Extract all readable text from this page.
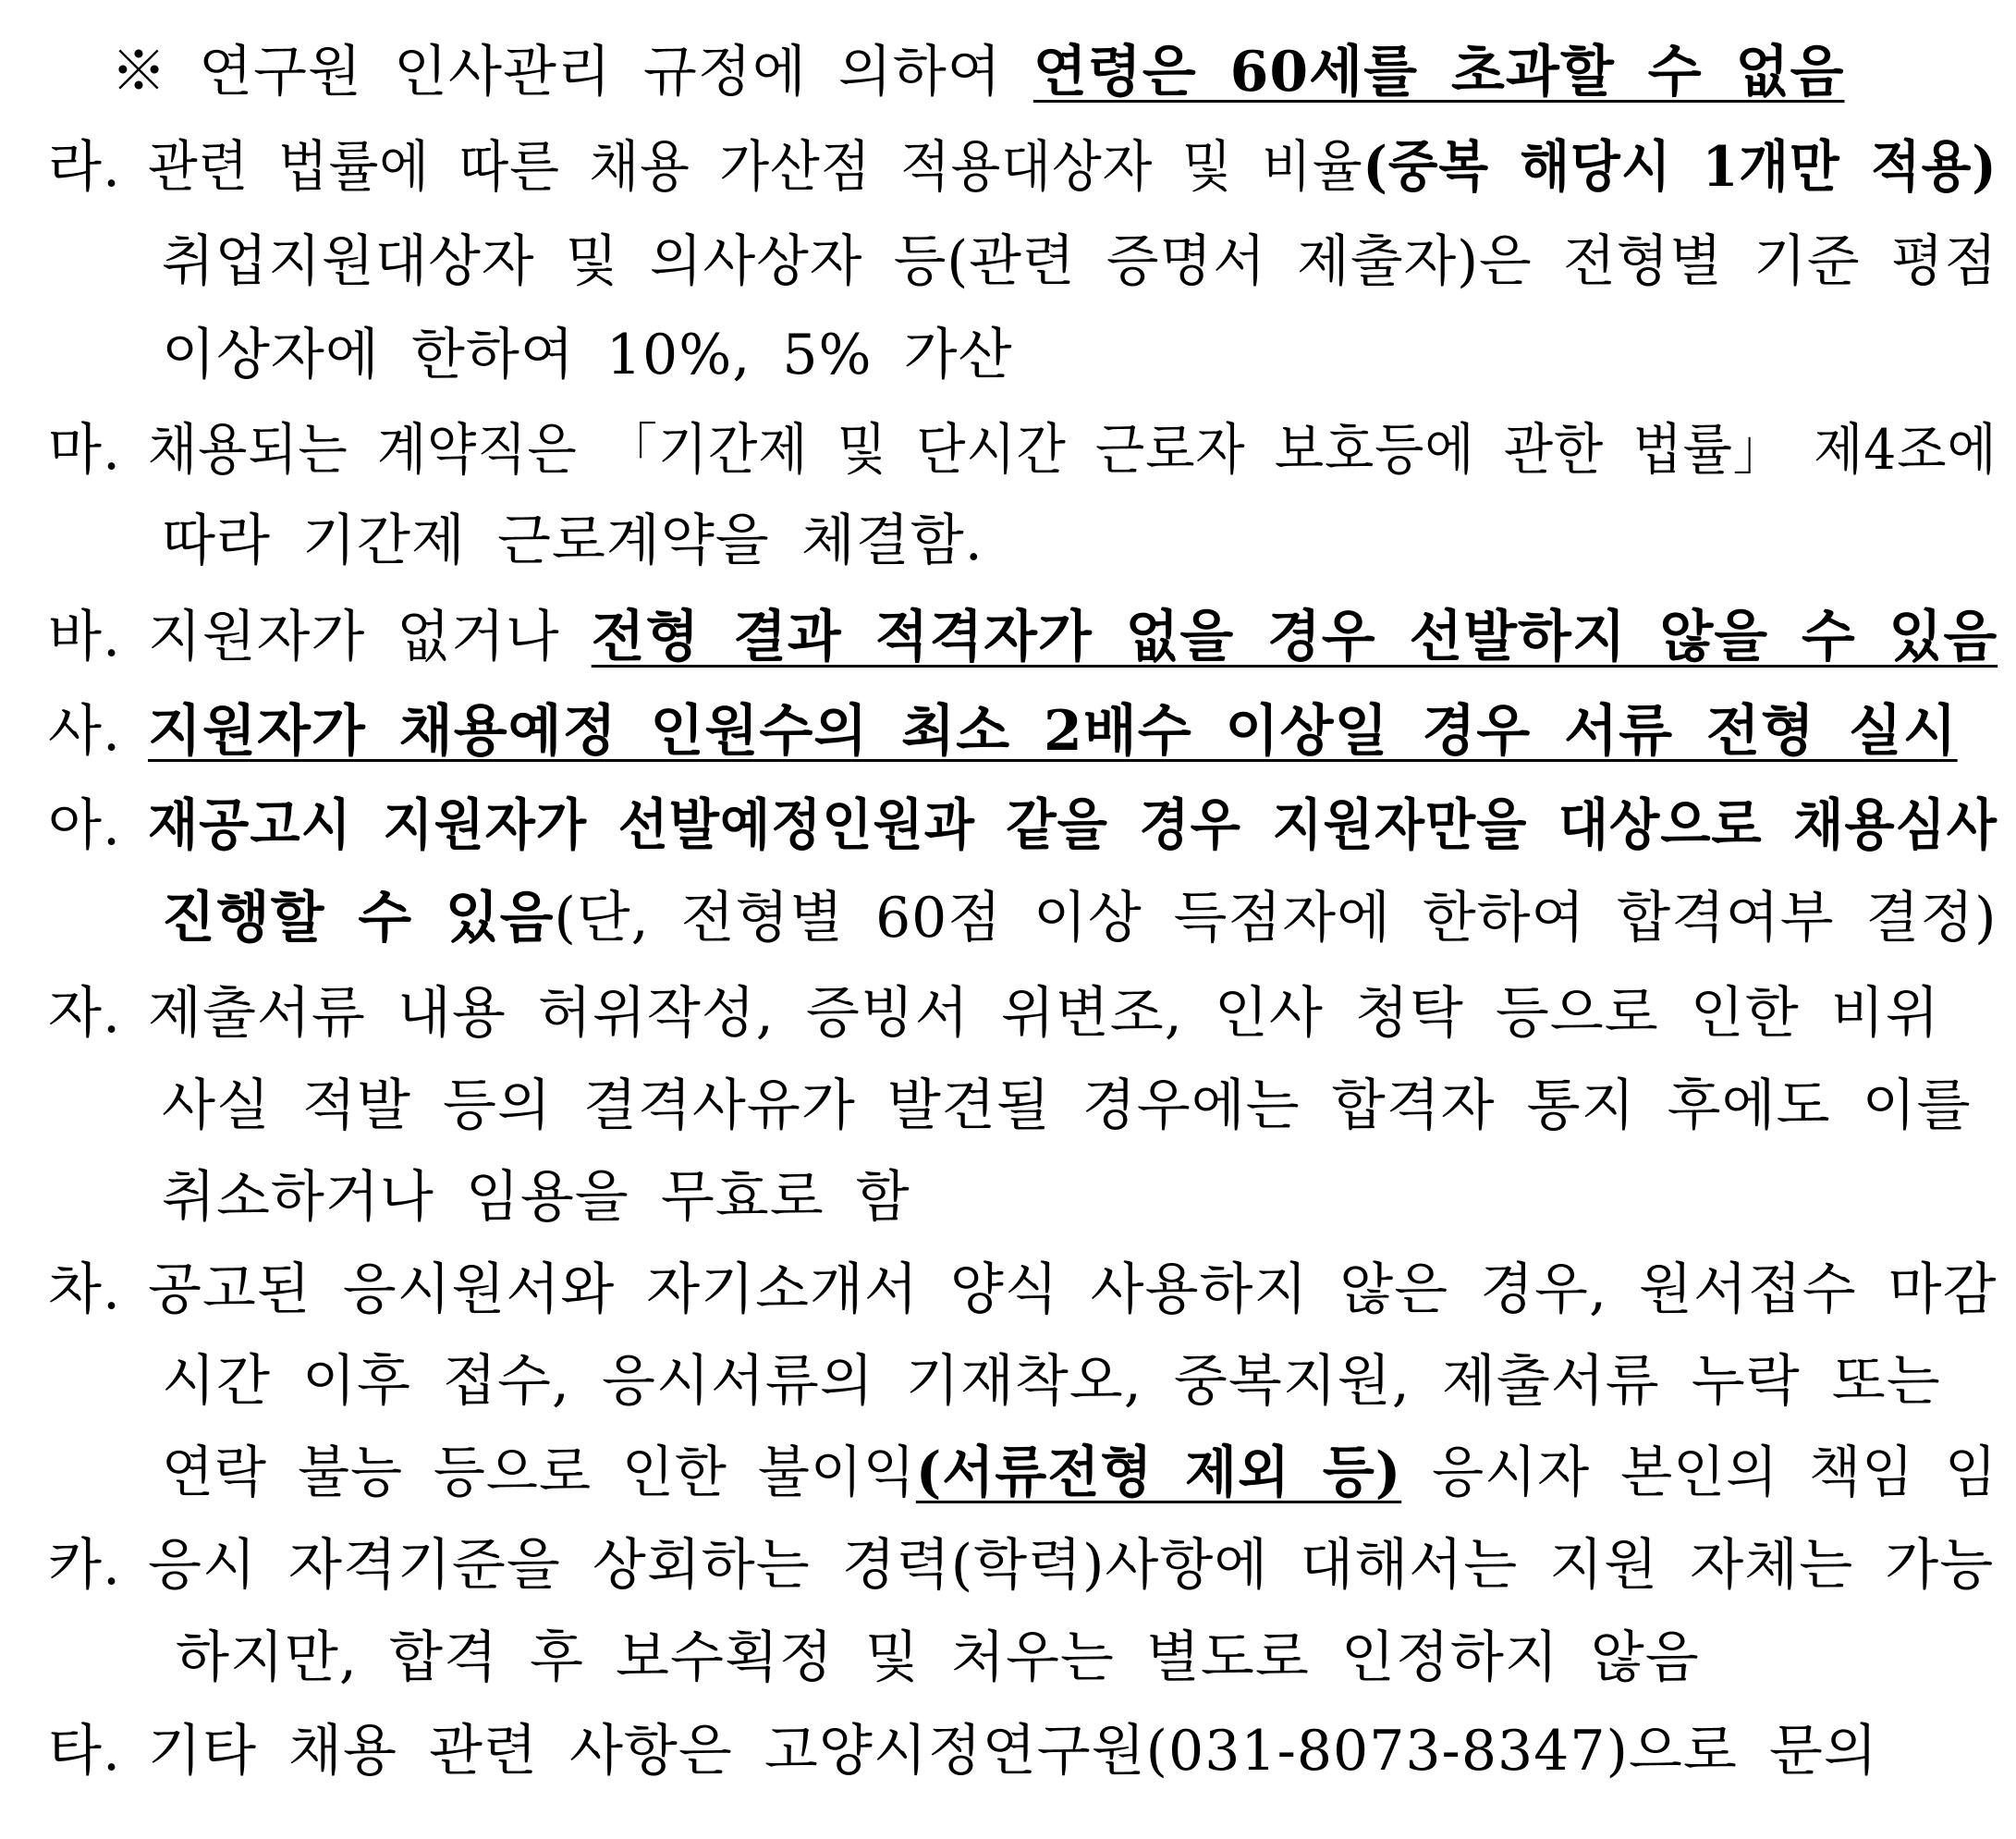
※ 연구원 인사관리 규정에 의하여 연령은 60세를 초과할 수 없음
라. 관련 법률에 따른 채용 가산점 적용대상자 및 비율(중복 해당시 1개만 적용)
취업지원대상자 및 의사상자 등(관련 증명서 제출자)은 전형별 기준 평점
이상자에 한하여 10%, 5% 가산
마. 채용되는 계약직은 「기간제 및 단시간 근로자 보호등에 관한 법률」 제4조에
따라 기간제 근로계약을 체결함.
바. 지원자가 없거나 전형 결과 적격자가 없을 경우 선발하지 않을 수 있음
사. 지원자가 채용예정 인원수의 최소 2배수 이상일 경우 서류 전형 실시
아. 재공고시 지원자가 선발예정인원과 같을 경우 지원자만을 대상으로 채용심사
진행할 수 있음(단, 전형별 60점 이상 득점자에 한하여 합격여부 결정)
자. 제출서류 내용 허위작성, 증빙서 위변조, 인사 청탁 등으로 인한 비위
사실 적발 등의 결격사유가 발견될 경우에는 합격자 통지 후에도 이를
취소하거나 임용을 무효로 함
차. 공고된 응시원서와 자기소개서 양식 사용하지 않은 경우, 원서접수 마감
시간 이후 접수, 응시서류의 기재착오, 중복지원, 제출서류 누락 또는
연락 불능 등으로 인한 불이익(서류전형 제외 등) 응시자 본인의 책임 임
카. 응시 자격기준을 상회하는 경력(학력)사항에 대해서는 지원 자체는 가능
하지만, 합격 후 보수획정 및 처우는 별도로 인정하지 않음
타. 기타 채용 관련 사항은 고양시정연구원(031-8073-8347)으로 문의
